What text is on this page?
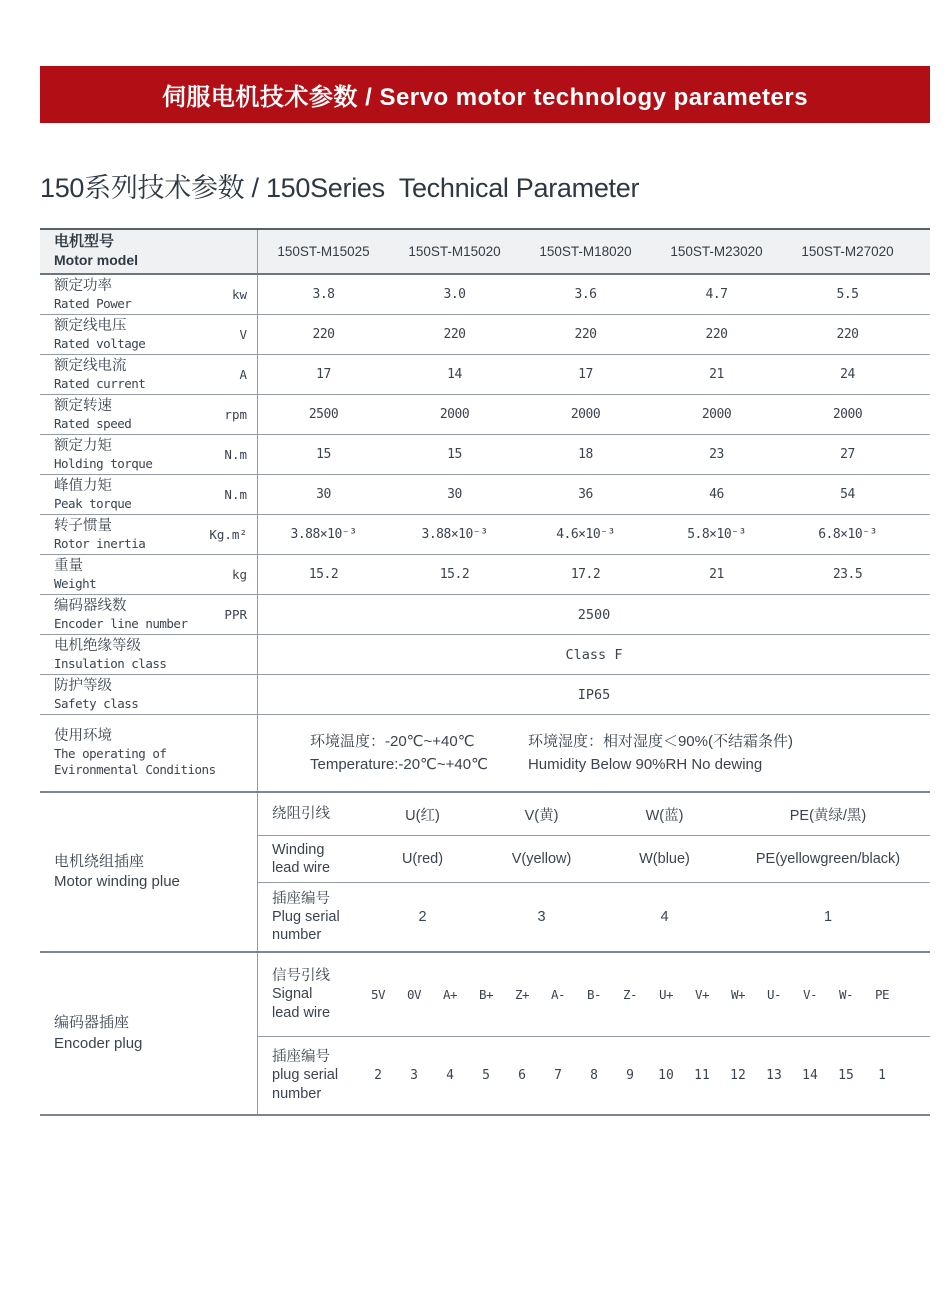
伺服电机技术参数 / Servo motor technology parameters
150系列技术参数 / 150Series  Technical Parameter
电机型号
Motor model
150ST-M15025	150ST-M15020	150ST-M18020	150ST-M23020	150ST-M27020
额定功率
Rated Power
kw	3.8	3.0	3.6	4.7	5.5
额定线电压
Rated voltage
V	220	220	220	220	220
额定线电流
Rated current
A	17	14	17	21	24
额定转速
Rated speed
rpm	2500	2000	2000	2000	2000
额定力矩
Holding torque
N.m	15	15	18	23	27
峰值力矩
Peak torque
N.m	30	30	36	46	54
转子惯量
Rotor inertia
Kg.m²	3.88×10⁻³	3.88×10⁻³	4.6×10⁻³	5.8×10⁻³	6.8×10⁻³
重量
Weight
kg	15.2	15.2	17.2	21	23.5
编码器线数
Encoder line number
PPR	2500
电机绝缘等级
Insulation class
Class F
防护等级
Safety class
IP65
使用环境
The operating of
Evironmental Conditions
环境温度：-20℃~+40℃
Temperature:-20℃~+40℃
环境湿度：相对湿度＜90%(不结霜条件)
Humidity Below 90%RH No dewing
电机绕组插座
Motor winding plue
绕阻引线	U(红)	V(黄)	W(蓝)	PE(黄绿/黑)
Winding
lead wire
U(red)	V(yellow)	W(blue)	PE(yellowgreen/black)
插座编号
Plug serial
number
2	3	4	1
编码器插座
Encoder plug
信号引线
Signal
lead wire
5V	0V	A+	B+	Z+	A-	B-	Z-	U+	V+	W+	U-	V-	W-	PE
插座编号
plug serial
number
2	3	4	5	6	7	8	9	10	11	12	13	14	15	1
